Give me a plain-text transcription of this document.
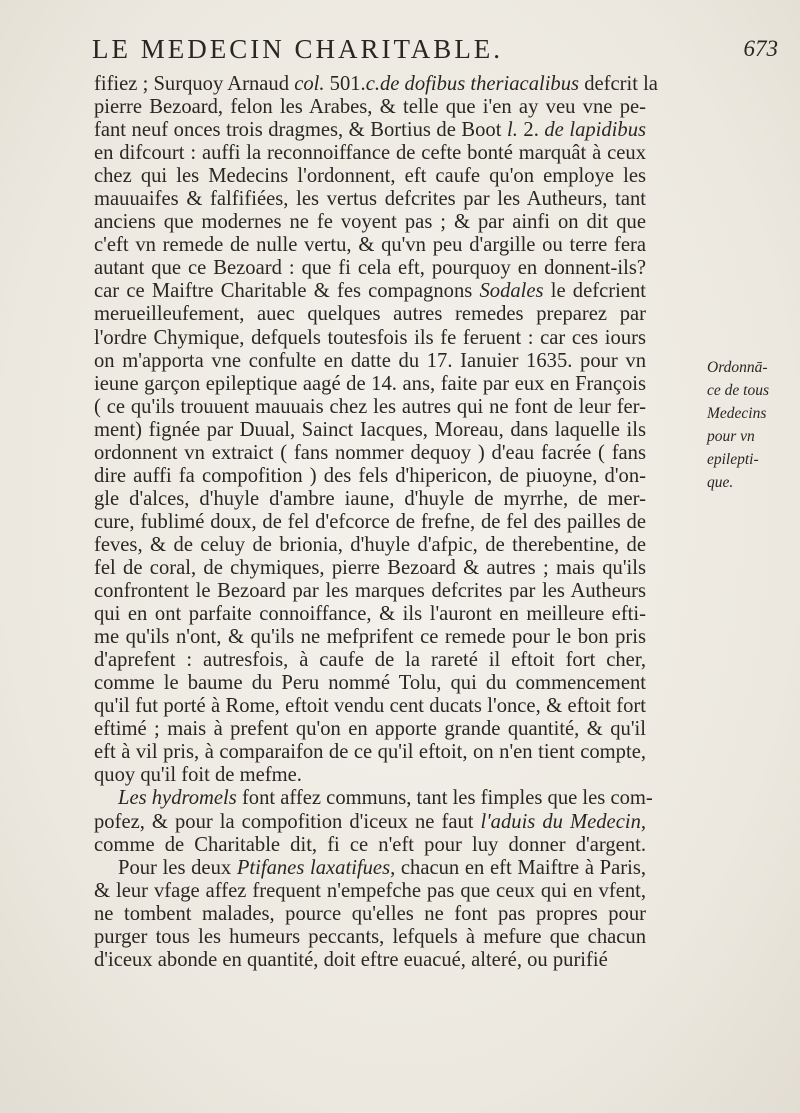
LE MEDECIN CHARITABLE.	673
fifiez ; Surquoy Arnaud col. 501.c.de dofibus theriacalibus defcrit la
pierre Bezoard, felon les Arabes, & telle que i'en ay veu vne pe-
fant neuf onces trois dragmes, & Bortius de Boot l. 2. de lapidibus
en difcourt : auffi la reconnoiffance de cefte bonté marquât à ceux
chez qui les Medecins l'ordonnent, eft caufe qu'on employe les
mauuaifes & falfifiées, les vertus defcrites par les Autheurs, tant
anciens que modernes ne fe voyent pas ; & par ainfi on dit que
c'eft vn remede de nulle vertu, & qu'vn peu d'argille ou terre fera
autant que ce Bezoard : que fi cela eft, pourquoy en donnent-ils?
car ce Maiftre Charitable & fes compagnons Sodales le defcrient
merueilleufement, auec quelques autres remedes preparez par
l'ordre Chymique, defquels toutesfois ils fe feruent : car ces iours
on m'apporta vne confulte en datte du 17. Ianuier 1635. pour vn
ieune garçon epileptique aagé de 14. ans, faite par eux en François
( ce qu'ils trouuent mauuais chez les autres qui ne font de leur fer-
ment) fignée par Duual, Sainct Iacques, Moreau, dans laquelle ils
ordonnent vn extraict ( fans nommer dequoy ) d'eau facrée ( fans
dire auffi fa compofition ) des fels d'hipericon, de piuoyne, d'on-
gle d'alces, d'huyle d'ambre iaune, d'huyle de myrrhe, de mer-
cure, fublimé doux, de fel d'efcorce de frefne, de fel des pailles de
feves, & de celuy de brionia, d'huyle d'afpic, de therebentine, de
fel de coral, de chymiques, pierre Bezoard & autres ; mais qu'ils
confrontent le Bezoard par les marques defcrites par les Autheurs
qui en ont parfaite connoiffance, & ils l'auront en meilleure efti-
me qu'ils n'ont, & qu'ils ne mefprifent ce remede pour le bon pris
d'aprefent : autresfois, à caufe de la rareté il eftoit fort cher,
comme le baume du Peru nommé Tolu, qui du commencement
qu'il fut porté à Rome, eftoit vendu cent ducats l'once, & eftoit fort
eftimé ; mais à prefent qu'on en apporte grande quantité, & qu'il
eft à vil pris, à comparaifon de ce qu'il eftoit, on n'en tient compte,
quoy qu'il foit de mefme.
Les hydromels font affez communs, tant les fimples que les com-
pofez, & pour la compofition d'iceux ne faut l'aduis du Medecin,
comme de Charitable dit, fi ce n'eft pour luy donner d'argent.
Pour les deux Ptifanes laxatifues, chacun en eft Maiftre à Paris,
& leur vfage affez frequent n'empefche pas que ceux qui en vfent,
ne tombent malades, pource qu'elles ne font pas propres pour
purger tous les humeurs peccants, lefquels à mefure que chacun
d'iceux abonde en quantité, doit eftre euacué, alteré, ou purifié
Ordonnā-
ce de tous
Medecins
pour vn
epilepti-
que.
